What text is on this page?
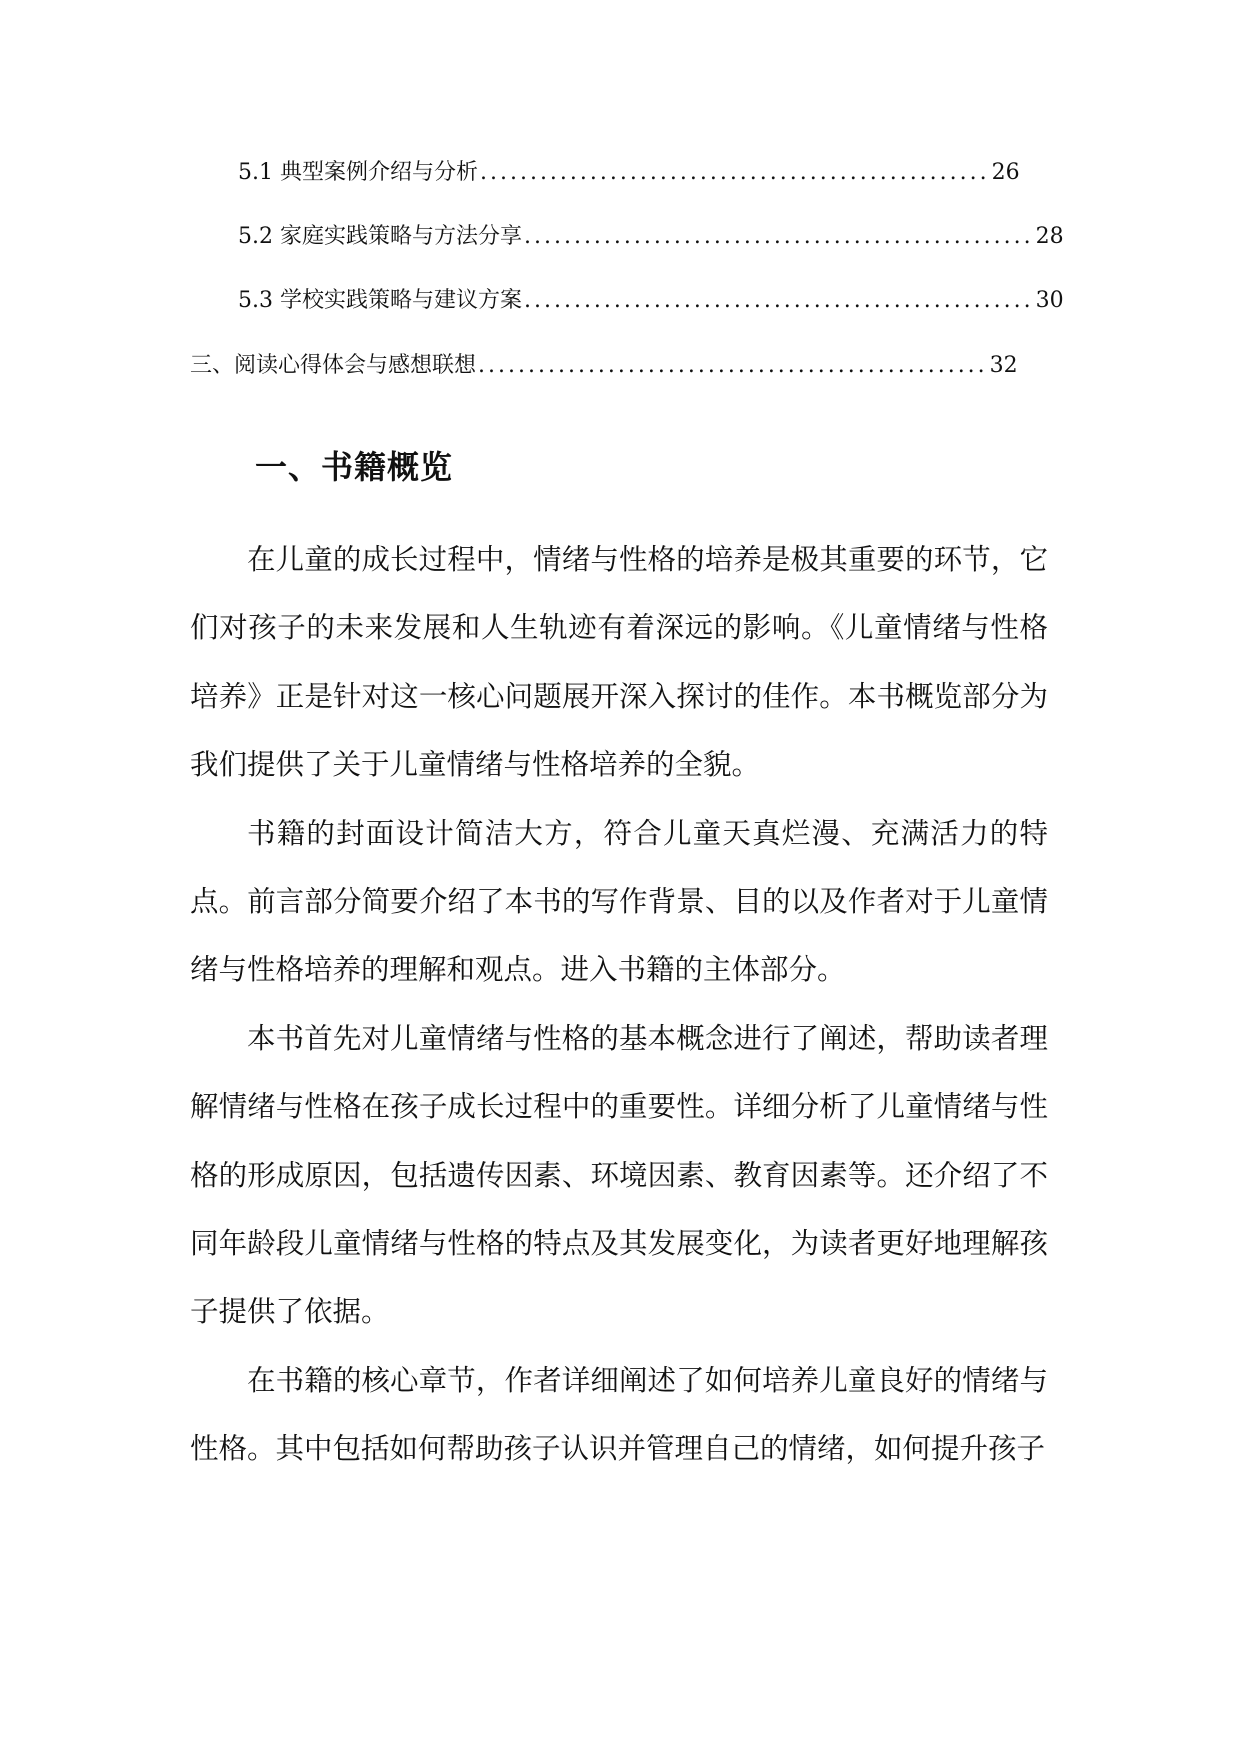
5.1 典型案例介绍与分析 ................................................... 26
5.2 家庭实践策略与方法分享 ................................................... 28
5.3 学校实践策略与建议方案 ................................................... 30
三、阅读心得体会与感想联想 ................................................... 32
一、书籍概览

在儿童的成长过程中，情绪与性格的培养是极其重要的环节，它们对孩子的未来发展和人生轨迹有着深远的影响。《儿童情绪与性格培养》正是针对这一核心问题展开深入探讨的佳作。本书概览部分为我们提供了关于儿童情绪与性格培养的全貌。

书籍的封面设计简洁大方，符合儿童天真烂漫、充满活力的特点。前言部分简要介绍了本书的写作背景、目的以及作者对于儿童情绪与性格培养的理解和观点。进入书籍的主体部分。

本书首先对儿童情绪与性格的基本概念进行了阐述，帮助读者理解情绪与性格在孩子成长过程中的重要性。详细分析了儿童情绪与性格的形成原因，包括遗传因素、环境因素、教育因素等。还介绍了不同年龄段儿童情绪与性格的特点及其发展变化，为读者更好地理解孩子提供了依据。

在书籍的核心章节，作者详细阐述了如何培养儿童良好的情绪与性格。其中包括如何帮助孩子认识并管理自己的情绪，如何提升孩子
